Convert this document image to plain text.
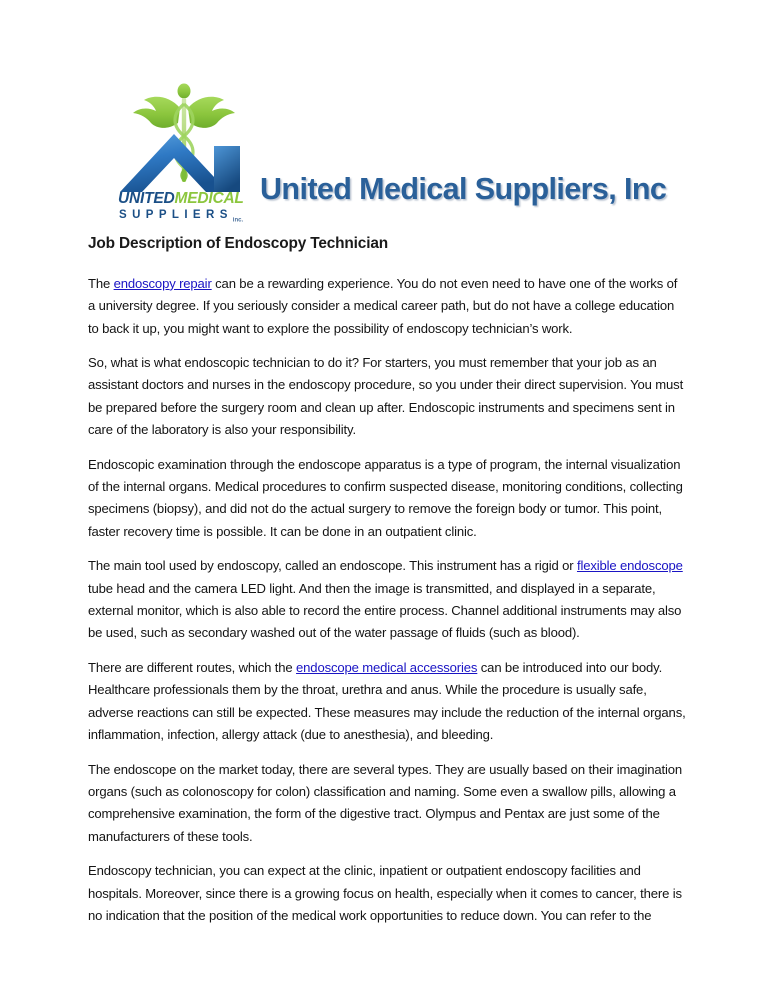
UNITEDMEDICAL
$SUPPLIERS_{inc.}$
United Medical Suppliers, Inc
Job Description of Endoscopy Technician

The endoscopy repair can be a rewarding experience. You do not even need to have one of the works of a university degree. If you seriously consider a medical career path, but do not have a college education to back it up, you might want to explore the possibility of endoscopy technician’s work.

So, what is what endoscopic technician to do it? For starters, you must remember that your job as an assistant doctors and nurses in the endoscopy procedure, so you under their direct supervision. You must be prepared before the surgery room and clean up after. Endoscopic instruments and specimens sent in care of the laboratory is also your responsibility.

Endoscopic examination through the endoscope apparatus is a type of program, the internal visualization of the internal organs. Medical procedures to confirm suspected disease, monitoring conditions, collecting specimens (biopsy), and did not do the actual surgery to remove the foreign body or tumor. This point, faster recovery time is possible. It can be done in an outpatient clinic.

The main tool used by endoscopy, called an endoscope. This instrument has a rigid or flexible endoscope tube head and the camera LED light. And then the image is transmitted, and displayed in a separate, external monitor, which is also able to record the entire process. Channel additional instruments may also be used, such as secondary washed out of the water passage of fluids (such as blood).

There are different routes, which the endoscope medical accessories can be introduced into our body. Healthcare professionals them by the throat, urethra and anus. While the procedure is usually safe, adverse reactions can still be expected. These measures may include the reduction of the internal organs, inflammation, infection, allergy attack (due to anesthesia), and bleeding.

The endoscope on the market today, there are several types. They are usually based on their imagination organs (such as colonoscopy for colon) classification and naming. Some even a swallow pills, allowing a comprehensive examination, the form of the digestive tract. Olympus and Pentax are just some of the manufacturers of these tools.

Endoscopy technician, you can expect at the clinic, inpatient or outpatient endoscopy facilities and hospitals. Moreover, since there is a growing focus on health, especially when it comes to cancer, there is no indication that the position of the medical work opportunities to reduce down. You can refer to the
